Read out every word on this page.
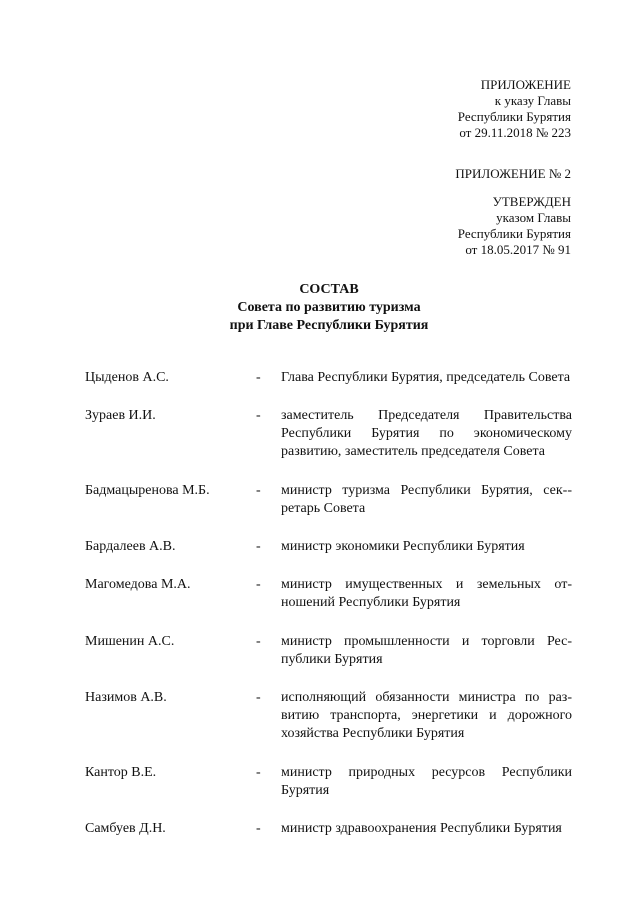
ПРИЛОЖЕНИЕ
к указу Главы
Республики Бурятия
от 29.11.2018 № 223
ПРИЛОЖЕНИЕ № 2
УТВЕРЖДЕН
указом Главы
Республики Бурятия
от 18.05.2017 № 91
СОСТАВ
Совета по развитию туризма
при Главе Республики Бурятия
Цыденов А.С.	- Глава Республики Бурятия, председатель Совета
Зураев И.И.	- заместитель Председателя Правительства Республики Бурятия по экономическому развитию, заместитель председателя Совета
Бадмацыренова М.Б.	- министр туризма Республики Бурятия, сек-ретарь Совета
Бардалеев А.В.	- министр экономики Республики Бурятия
Магомедова М.А.	- министр имущественных и земельных отношений Республики Бурятия
Мишенин А.С.	- министр промышленности и торговли Республики Бурятия
Назимов А.В.	- исполняющий обязанности министра по развитию транспорта, энергетики и дорожного хозяйства Республики Бурятия
Кантор В.Е.	- министр природных ресурсов Республики Бурятия
Самбуев Д.Н.	- министр здравоохранения Республики Бурятия
